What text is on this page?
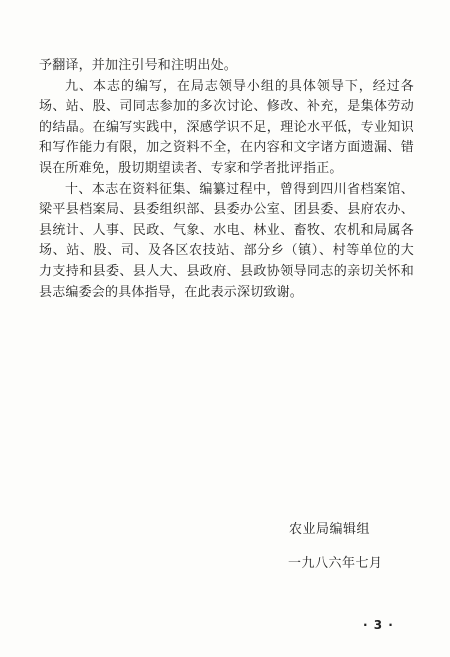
予翻译，并加注引号和注明出处。

九、本志的编写，在局志领导小组的具体领导下，经过各场、站、股、司同志参加的多次讨论、修改、补充，是集体劳动的结晶。在编写实践中，深感学识不足，理论水平低，专业知识和写作能力有限，加之资料不全，在内容和文字诸方面遗漏、错误在所难免，殷切期望读者、专家和学者批评指正。

十、本志在资料征集、编纂过程中，曾得到四川省档案馆、梁平县档案局、县委组织部、县委办公室、团县委、县府农办、县统计、人事、民政、气象、水电、林业、畜牧、农机和局属各场、站、股、司、及各区农技站、部分乡（镇）、村等单位的大力支持和县委、县人大、县政府、县政协领导同志的亲切关怀和县志编委会的具体指导，在此表示深切致谢。

农业局编辑组
一九八六年七月
· 3 ·
